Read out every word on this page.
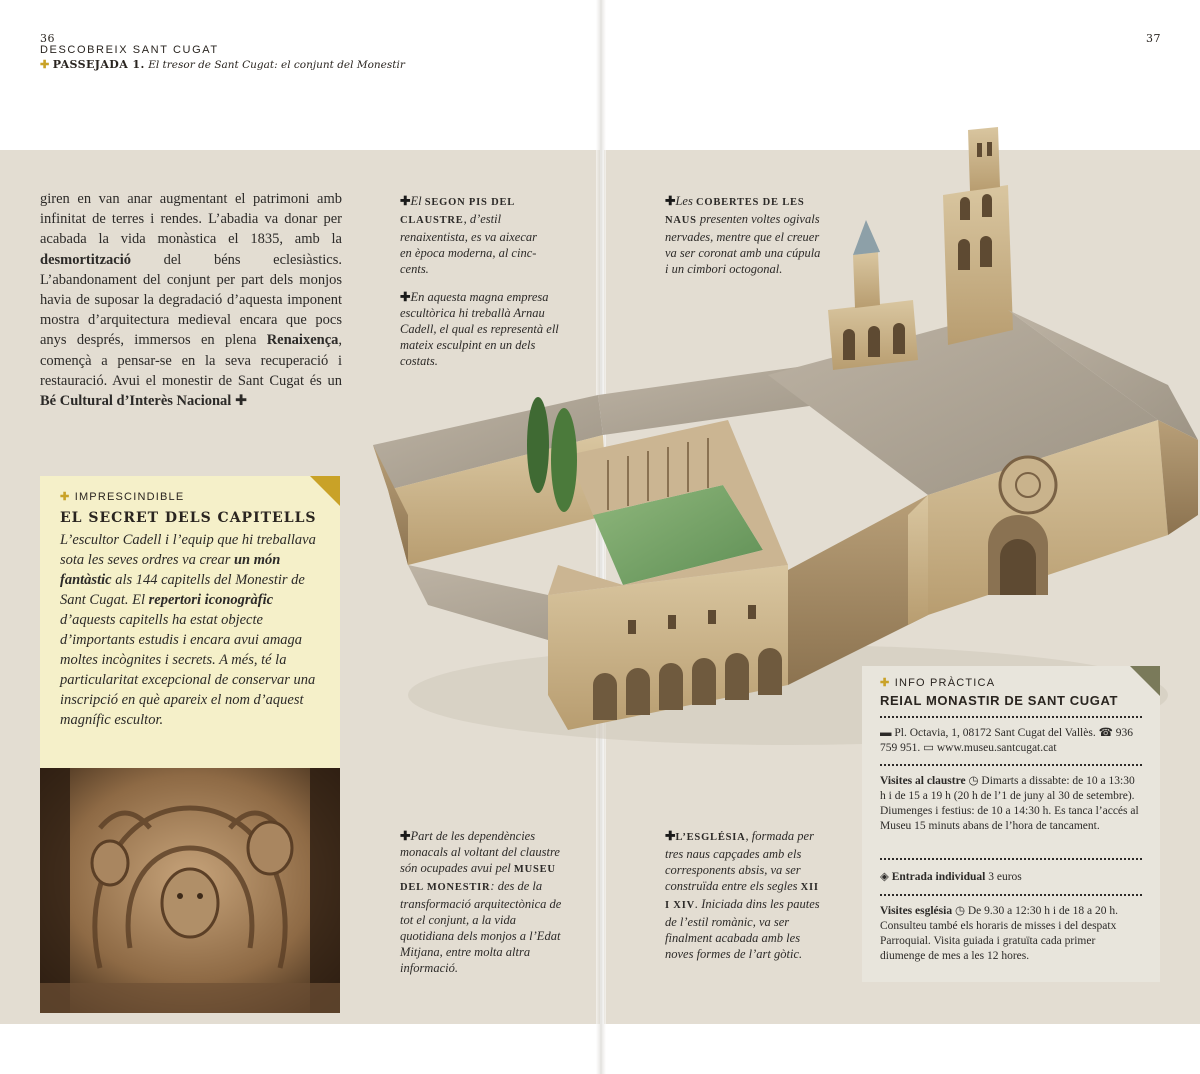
36	37
DESCOBREIX SANT CUGAT
✚ PASSEJADA 1. El tresor de Sant Cugat: el conjunt del Monestir
giren en van anar augmentant el patrimoni amb infinitat de terres i rendes. L’abadia va donar per acabada la vida monàstica el 1835, amb la desmortització del béns eclesiàstics. L’abandonament del conjunt per part dels monjos havia de suposar la degradació d’aquesta imponent mostra d’arquitectura medieval encara que pocs anys després, immersos en plena Renaixença, començà a pensar-se en la seva recuperació i restauració. Avui el monestir de Sant Cugat és un Bé Cultural d’Interès Nacional ✚
✚El SEGON PIS DEL CLAUSTRE, d’estil renaixentista, es va aixecar en època moderna, al cinc-cents.
✚En aquesta magna empresa escultòrica hi treballà Arnau Cadell, el qual es representà ell mateix esculpint en un dels costats.
✚Les COBERTES DE LES NAUS presenten voltes ogivals nervades, mentre que el creuer va ser coronat amb una cúpula i un cimbori octogonal.
✚Part de les dependències monacals al voltant del claustre són ocupades avui pel MUSEU DEL MONESTIR: des de la transformació arquitectònica de tot el conjunt, a la vida quotidiana dels monjos a l’Edat Mitjana, entre molta altra informació.
✚L’ESGLÉSIA, formada per tres naus capçades amb els corresponents absis, va ser construïda entre els segles XII I XIV. Iniciada dins les pautes de l’estil romànic, va ser finalment acabada amb les noves formes de l’art gòtic.
✚ IMPRESCINDIBLE
EL SECRET DELS CAPITELLS
L’escultor Cadell i l’equip que hi treballava sota les seves ordres va crear un món fantàstic als 144 capitells del Monestir de Sant Cugat. El repertori iconogràfic d’aquests capitells ha estat objecte d’importants estudis i encara avui amaga moltes incògnites i secrets. A més, té la particularitat excepcional de conservar una inscripció en què apareix el nom d’aquest magnífic escultor.
✚ INFO PRÀCTICA
REIAL MONASTIR DE SANT CUGAT
▬ Pl. Octavia, 1, 08172 Sant Cugat del Vallès. ☎ 936 759 951. ▭ www.museu.santcugat.cat
Visites al claustre ◷ Dimarts a dissabte: de 10 a 13:30 h i de 15 a 19 h (20 h de l’1 de juny al 30 de setembre). Diumenges i festius: de 10 a 14:30 h. Es tanca l’accés al Museu 15 minuts abans de l’hora de tancament.
◈ Entrada individual 3 euros
Visites església ◷ De 9.30 a 12:30 h i de 18 a 20 h. Consulteu també els horaris de misses i del despatx Parroquial. Visita guiada i gratuïta cada primer diumenge de mes a les 12 hores.
